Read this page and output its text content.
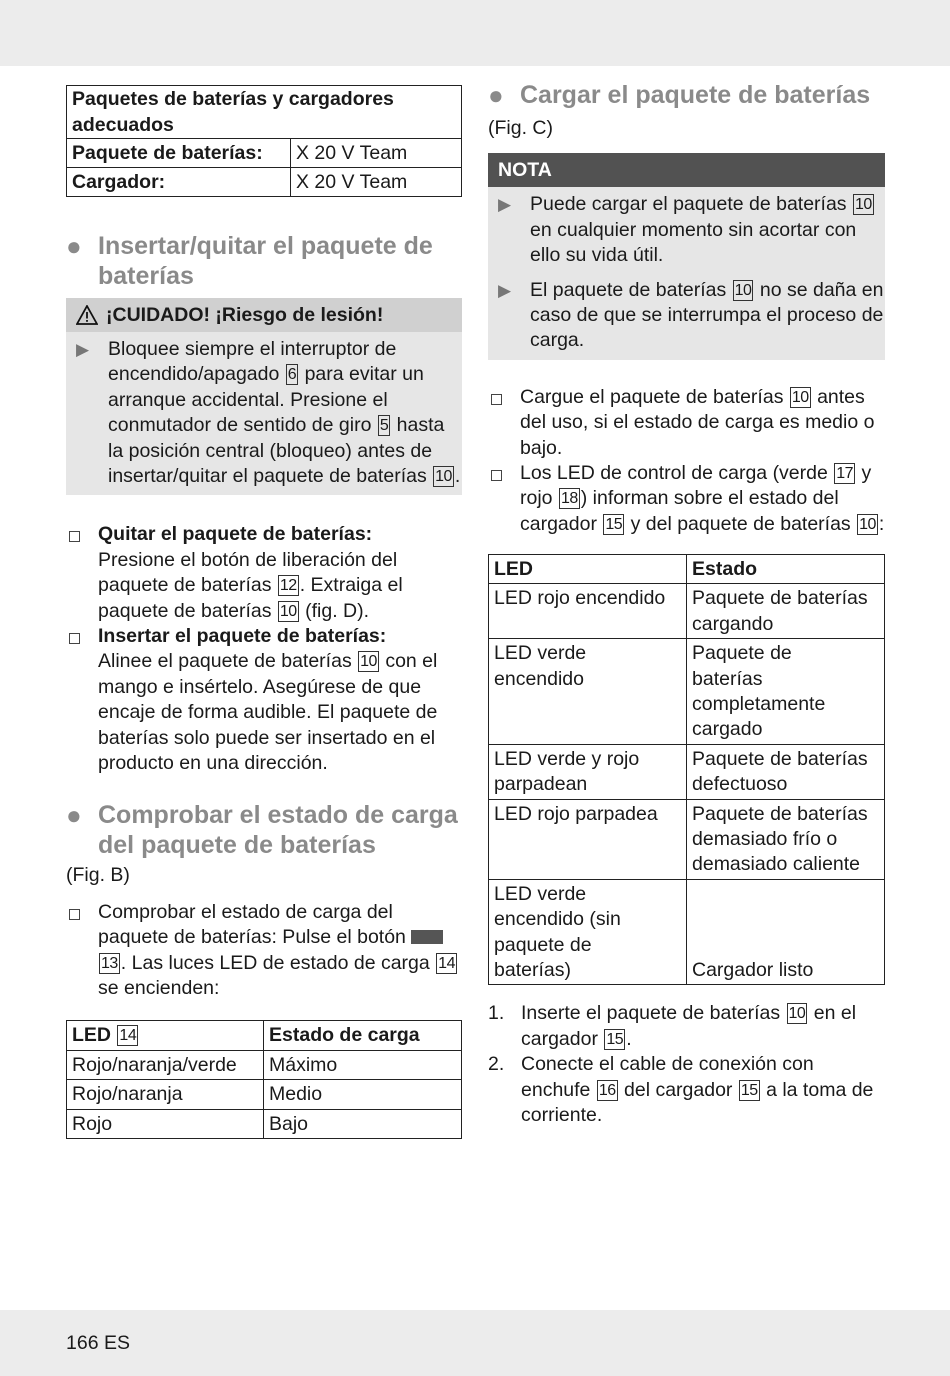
Paquetes de baterías y cargadores adecuados	
Paquete de baterías:	X 20 V Team
Cargador:	X 20 V Team
● Insertar/quitar el paquete de baterías
¡CUIDADO! ¡Riesgo de lesión!
▶ Bloquee siempre el interruptor de encendido/apagado 6 para evitar un arranque accidental. Presione el conmutador de sentido de giro 5 hasta la posición central (bloqueo) antes de insertar/quitar el paquete de baterías 10 .
Quitar el paquete de baterías:
Presione el botón de liberación del paquete de baterías 12 . Extraiga el paquete de baterías 10 (fig. D).
Insertar el paquete de baterías:
Alinee el paquete de baterías 10 con el mango e insértelo. Asegúrese de que encaje de forma audible. El paquete de baterías solo puede ser insertado en el producto en una dirección.
● Comprobar el estado de carga del paquete de baterías
(Fig. B)
Comprobar el estado de carga del paquete de baterías: Pulse el botón 13 . Las luces LED de estado de carga 14 se encienden:
LED 14	Estado de carga
Rojo/naranja/verde	Máximo
Rojo/naranja	Medio
Rojo	Bajo
● Cargar el paquete de baterías
(Fig. C)
NOTA
▶ Puede cargar el paquete de baterías 10 en cualquier momento sin acortar con ello su vida útil.
▶ El paquete de baterías 10 no se daña en caso de que se interrumpa el proceso de carga.
Cargue el paquete de baterías 10 antes del uso, si el estado de carga es medio o bajo.
Los LED de control de carga (verde 17 y rojo 18 ) informan sobre el estado del cargador 15 y del paquete de baterías 10 :
LED	Estado
LED rojo encendido	Paquete de baterías cargando
LED verde encendido	Paquete de baterías completamente cargado
LED verde y rojo parpadean	Paquete de baterías defectuoso
LED rojo parpadea	Paquete de baterías demasiado frío o demasiado caliente
LED verde encendido (sin paquete de baterías)	Cargador listo
1. Inserte el paquete de baterías 10 en el cargador 15 .
2. Conecte el cable de conexión con enchufe 16 del cargador 15 a la toma de corriente.
166 ES
